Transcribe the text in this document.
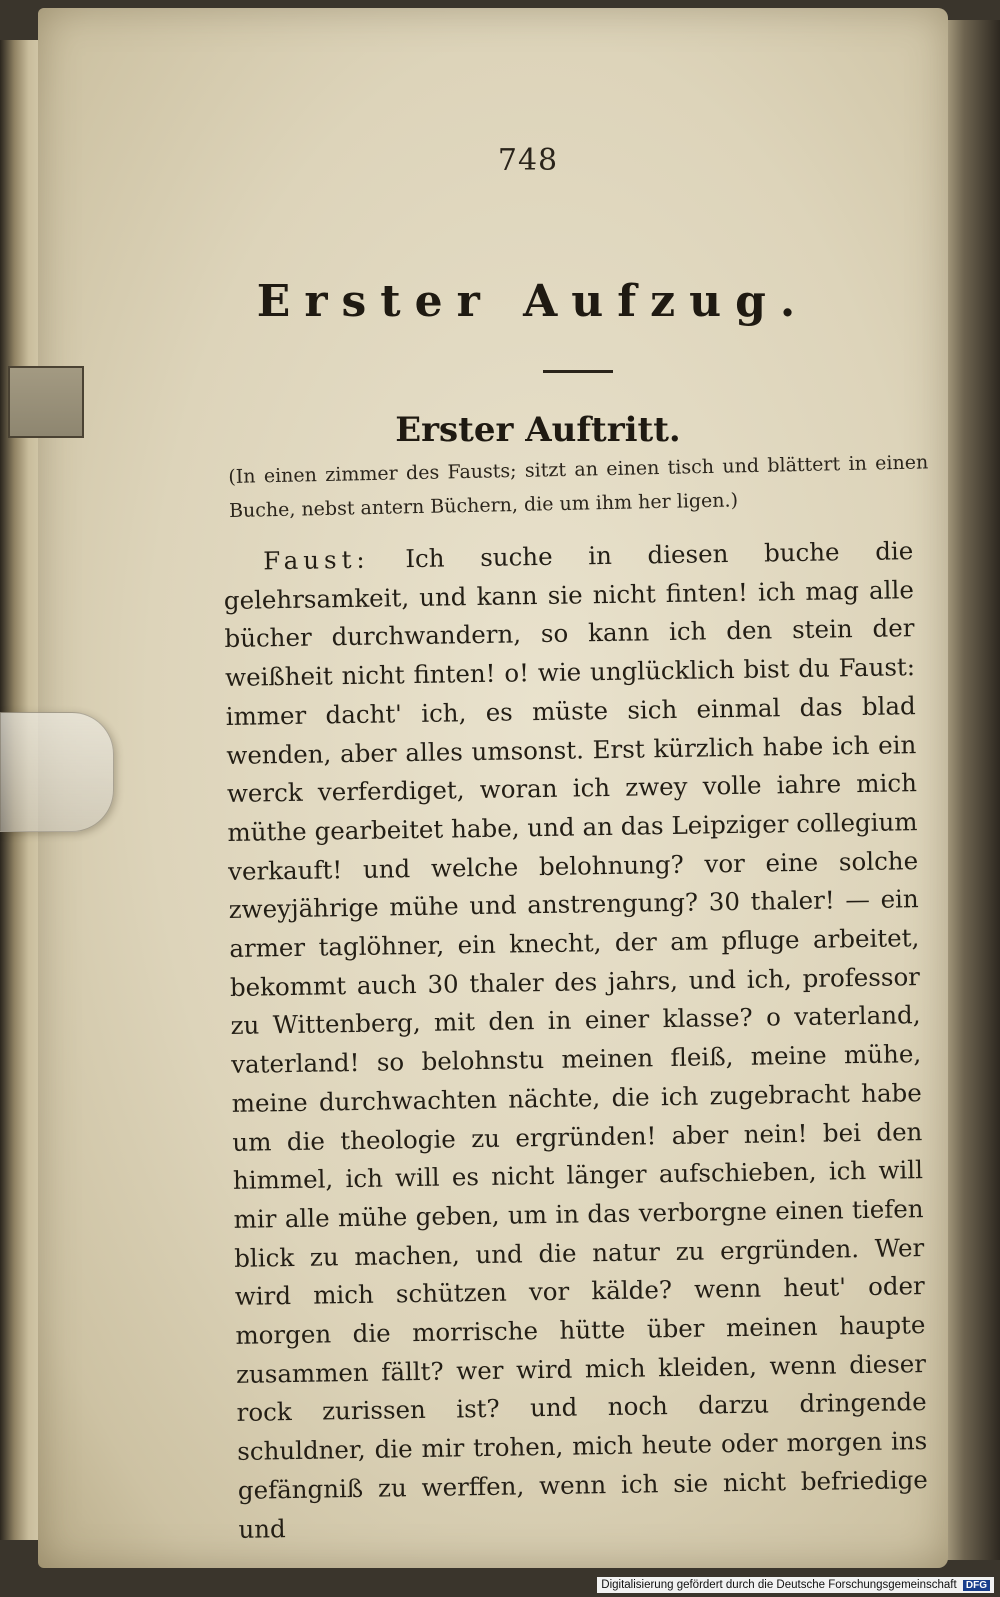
748
Erster Aufzug.
Erster Auftritt.
(In einen zimmer des Fausts; sitzt an einen tisch und blättert in einen Buche, nebst antern Büchern, die um ihm her ligen.)
Faust: Ich suche in diesen buche die gelehrsamkeit, und kann sie nicht finten! ich mag alle bücher durchwandern, so kann ich den stein der weißheit nicht finten! o! wie unglücklich bist du Faust: immer dacht' ich, es müste sich einmal das blad wenden, aber alles umsonst. Erst kürzlich habe ich ein werck verferdiget, woran ich zwey volle iahre mich müthe gearbeitet habe, und an das Leipziger collegium verkauft! und welche belohnung? vor eine solche zweyjährige mühe und anstrengung? 30 thaler! — ein armer taglöhner, ein knecht, der am pfluge arbeitet, bekommt auch 30 thaler des jahrs, und ich, professor zu Wittenberg, mit den in einer klasse? o vaterland, vaterland! so belohnstu meinen fleiß, meine mühe, meine durchwachten nächte, die ich zugebracht habe um die theologie zu ergründen! aber nein! bei den himmel, ich will es nicht länger aufschieben, ich will mir alle mühe geben, um in das verborgne einen tiefen blick zu machen, und die natur zu ergründen. Wer wird mich schützen vor kälde? wenn heut' oder morgen die morrische hütte über meinen haupte zusammen fällt? wer wird mich kleiden, wenn dieser rock zurissen ist? und noch darzu dringende schuldner, die mir trohen, mich heute oder morgen ins gefängniß zu werffen, wenn ich sie nicht befriedige und
Digitalisierung gefördert durch die Deutsche Forschungsgemeinschaft DFG
